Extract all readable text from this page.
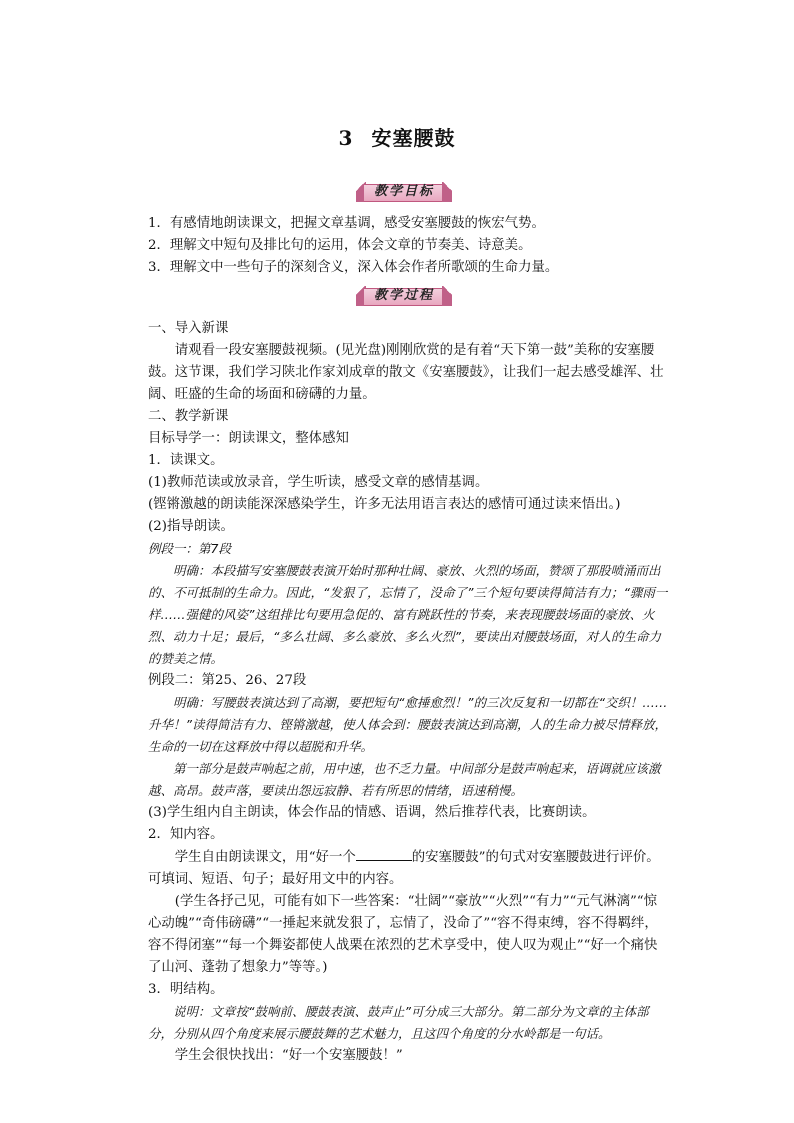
3 安塞腰鼓
教学目标

1．有感情地朗读课文，把握文章基调，感受安塞腰鼓的恢宏气势。

2．理解文中短句及排比句的运用，体会文章的节奏美、诗意美。

3．理解文中一些句子的深刻含义，深入体会作者所歌颂的生命力量。

教学过程

一、导入新课

请观看一段安塞腰鼓视频。(见光盘)刚刚欣赏的是有着“天下第一鼓”美称的安塞腰鼓。这节课，我们学习陕北作家刘成章的散文《安塞腰鼓》，让我们一起去感受雄浑、壮阔、旺盛的生命的场面和磅礴的力量。

二、教学新课

目标导学一：朗读课文，整体感知

1．读课文。

(1)教师范读或放录音，学生听读，感受文章的感情基调。

(铿锵激越的朗读能深深感染学生，许多无法用语言表达的感情可通过读来悟出。)

(2)指导朗读。

例段一：第7段

明确：本段描写安塞腰鼓表演开始时那种壮阔、豪放、火烈的场面，赞颂了那股喷涌而出的、不可抵制的生命力。因此，“发狠了，忘情了，没命了”三个短句要读得简洁有力；“骤雨一样……强健的风姿”这组排比句要用急促的、富有跳跃性的节奏，来表现腰鼓场面的豪放、火烈、动力十足；最后，“多么壮阔、多么豪放、多么火烈”，要读出对腰鼓场面，对人的生命力的赞美之情。

例段二：第25、26、27段

明确：写腰鼓表演达到了高潮，要把短句“愈捶愈烈！”的三次反复和一切都在“交织！……升华！”读得简洁有力、铿锵激越，使人体会到：腰鼓表演达到高潮，人的生命力被尽情释放，生命的一切在这释放中得以超脱和升华。

第一部分是鼓声响起之前，用中速，也不乏力量。中间部分是鼓声响起来，语调就应该激越、高昂。鼓声落，要读出怨远寂静、若有所思的情绪，语速稍慢。

(3)学生组内自主朗读，体会作品的情感、语调，然后推荐代表，比赛朗读。

2．知内容。

学生自由朗读课文，用“好一个	的安塞腰鼓”的句式对安塞腰鼓进行评价。可填词、短语、句子；最好用文中的内容。

(学生各抒己见，可能有如下一些答案：“壮阔”“豪放”“火烈”“有力”“元气淋漓”“惊心动魄”“奇伟磅礴”“一捶起来就发狠了，忘情了，没命了”“容不得束缚，容不得羁绊，容不得闭塞”“每一个舞姿都使人战栗在浓烈的艺术享受中，使人叹为观止”“好一个痛快了山河、蓬勃了想象力”等等。)

3．明结构。

说明：文章按“鼓响前、腰鼓表演、鼓声止”可分成三大部分。第二部分为文章的主体部分，分别从四个角度来展示腰鼓舞的艺术魅力，且这四个角度的分水岭都是一句话。

学生会很快找出：“好一个安塞腰鼓！”
